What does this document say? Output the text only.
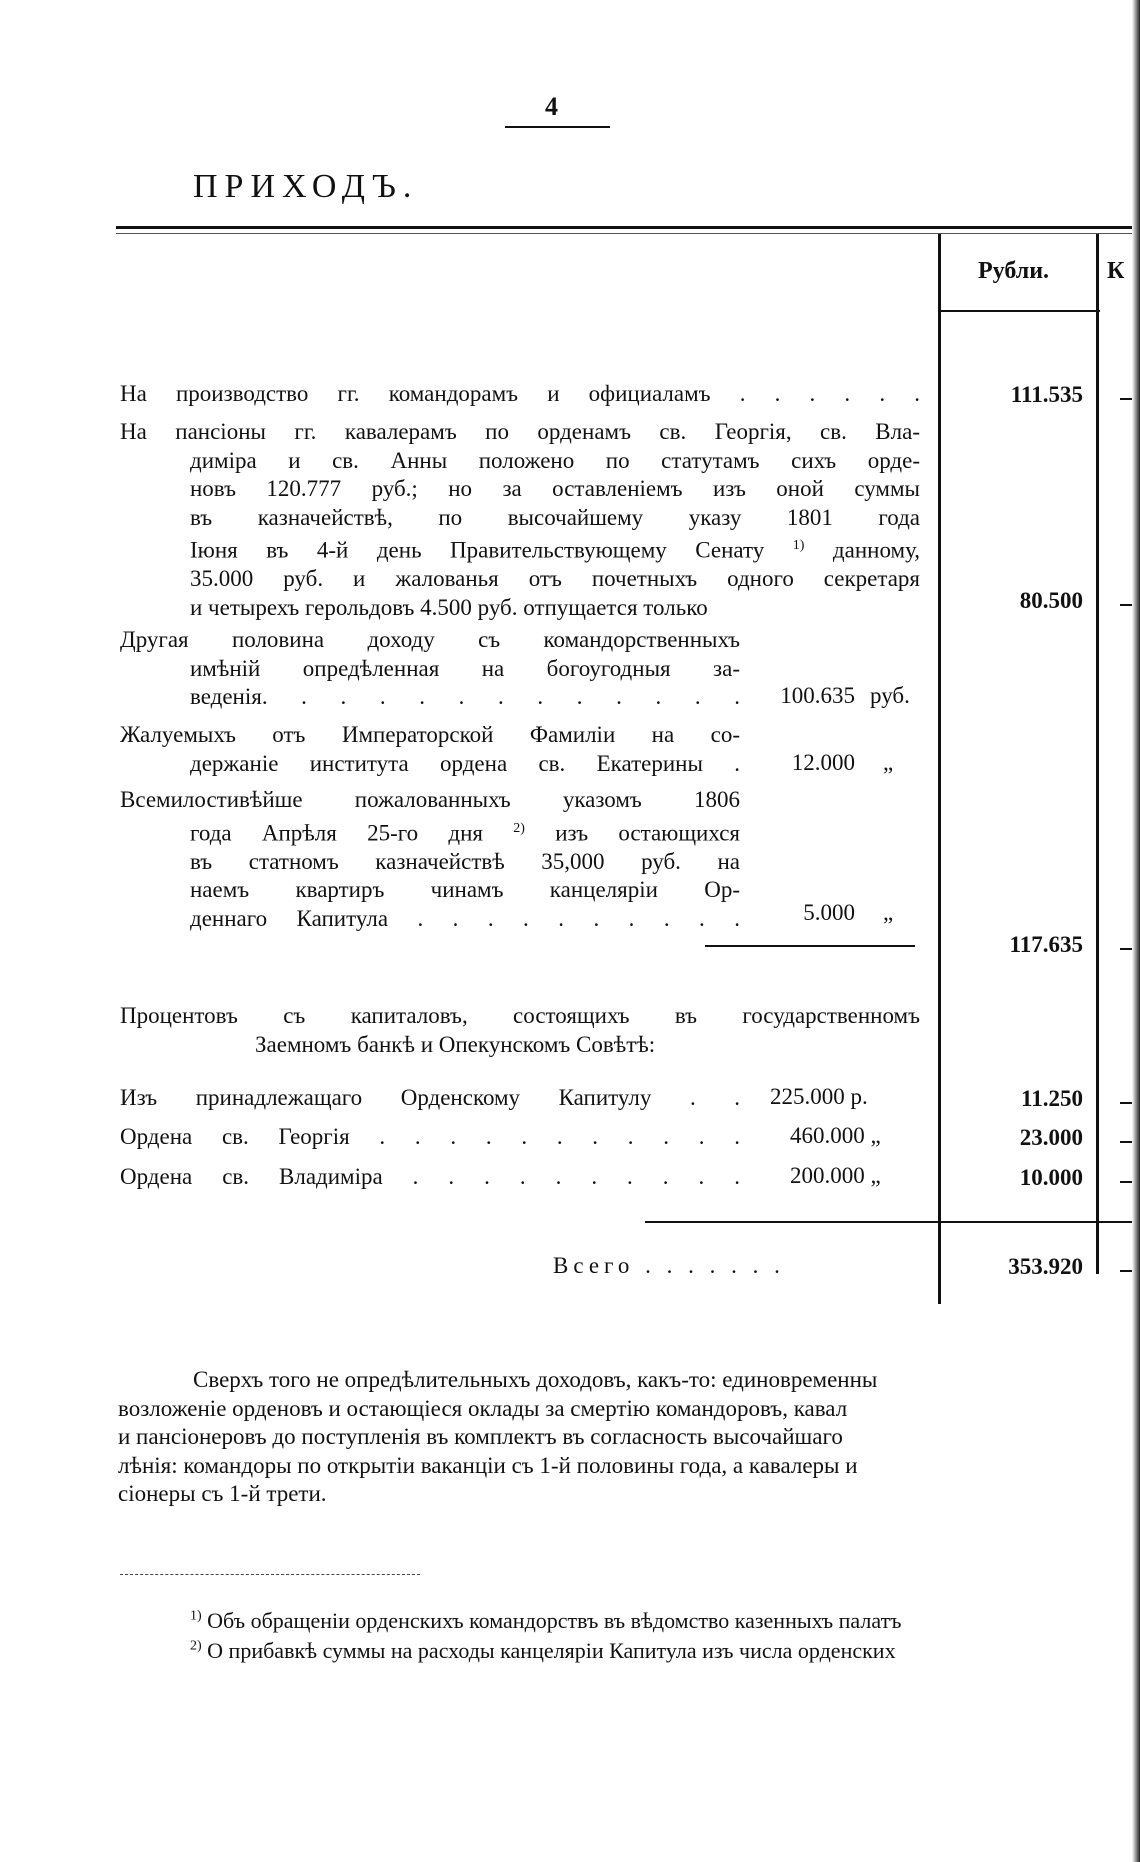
4
ПРИХОДЪ.
Рубли. К
На производство гг. командорамъ и официаламъ . . . . . .	111.535
На пансіоны гг. кавалерамъ по орденамъ св. Георгія, св. Вла-
диміра и св. Анны положено по статутамъ сихъ орде-
новъ 120.777 руб.; но за оставленіемъ изъ оной суммы
въ казначействѣ, по высочайшему указу 1801 года
Іюня въ 4-й день Правительствующему Сенату $^{1)}$ данному,
35.000 руб. и жалованья отъ почетныхъ одного секретаря
и четырехъ герольдовъ 4.500 руб. отпущается только	80.500
Другая половина доходу съ командорственныхъ
имѣній опредѣленная на богоугодныя за-
веденія. . . . . . . . . . . . .	100.635 руб.
Жалуемыхъ отъ Императорской Фамиліи на со-
держаніе института ордена св. Екатерины .	12.000 „
Всемилостивѣйше пожалованныхъ указомъ 1806
года Апрѣля 25-го дня $^{2)}$ изъ остающихся
въ статномъ казначействѣ 35,000 руб. на
наемъ квартиръ чинамъ канцеляріи Ор-
деннаго Капитула . . . . . . . . . .	5.000 „
117.635
Процентовъ съ капиталовъ, состоящихъ въ государственномъ
Заемномъ банкѣ и Опекунскомъ Совѣтѣ:
Изъ принадлежащаго Орденскому Капитулу . . 225.000 р.	11.250
Ордена св. Георгія . . . . . . . . . . . 460.000 „	23.000
Ордена св. Владиміра . . . . . . . . . . 200.000 „	10.000
Всего . . . . . . .	353.920
Сверхъ того не опредѣлительныхъ доходовъ, какъ-то: единовременны
возложеніе орденовъ и остающіеся оклады за смертію командоровъ, кавал
и пансіонеровъ до поступленія въ комплектъ въ согласность высочайшаго
лѣнія: командоры по открытіи ваканціи съ 1-й половины года, а кавалеры и
сіонеры съ 1-й трети.
$^{1)}$ Объ обращеніи орденскихъ командорствъ въ вѣдомство казенныхъ палатъ
$^{2)}$ О прибавкѣ суммы на расходы канцеляріи Капитула изъ числа орденских
